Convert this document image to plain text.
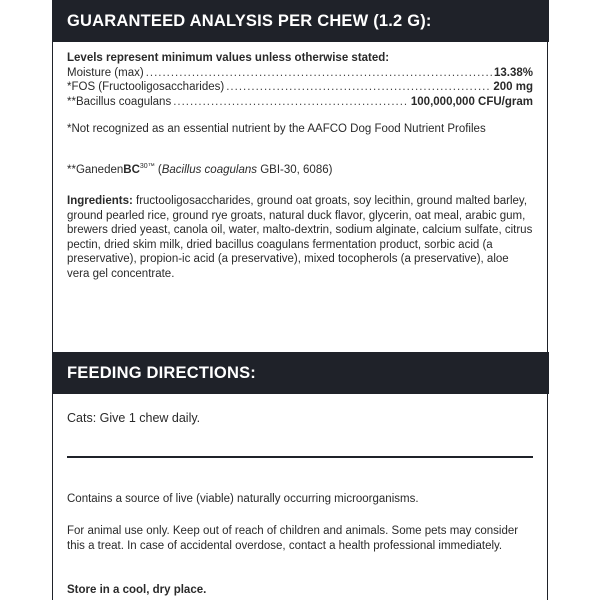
GUARANTEED ANALYSIS PER CHEW (1.2 G):
Levels represent minimum values unless otherwise stated:
Moisture (max) .....	13.38%
*FOS (Fructooligosaccharides) .....	200 mg
**Bacillus coagulans .....	100,000,000 CFU/gram

*Not recognized as an essential nutrient by the AAFCO Dog Food Nutrient Profiles

**GanedenBC$^{30™}$ (Bacillus coagulans GBI-30, 6086)

Ingredients: fructooligosaccharides, ground oat groats, soy lecithin, ground malted barley, ground pearled rice, ground rye groats, natural duck flavor, glycerin, oat meal, arabic gum, brewers dried yeast, canola oil, water, malto-dextrin, sodium alginate, calcium sulfate, citrus pectin, dried skim milk, dried bacillus coagulans fermentation product, sorbic acid (a preservative), propion-ic acid (a preservative), mixed tocopherols (a preservative), aloe vera gel concentrate.

FEEDING DIRECTIONS:

Cats: Give 1 chew daily.

Contains a source of live (viable) naturally occurring microorganisms.

For animal use only. Keep out of reach of children and animals. Some pets may consider this a treat. In case of accidental overdose, contact a health professional immediately.

Store in a cool, dry place.
